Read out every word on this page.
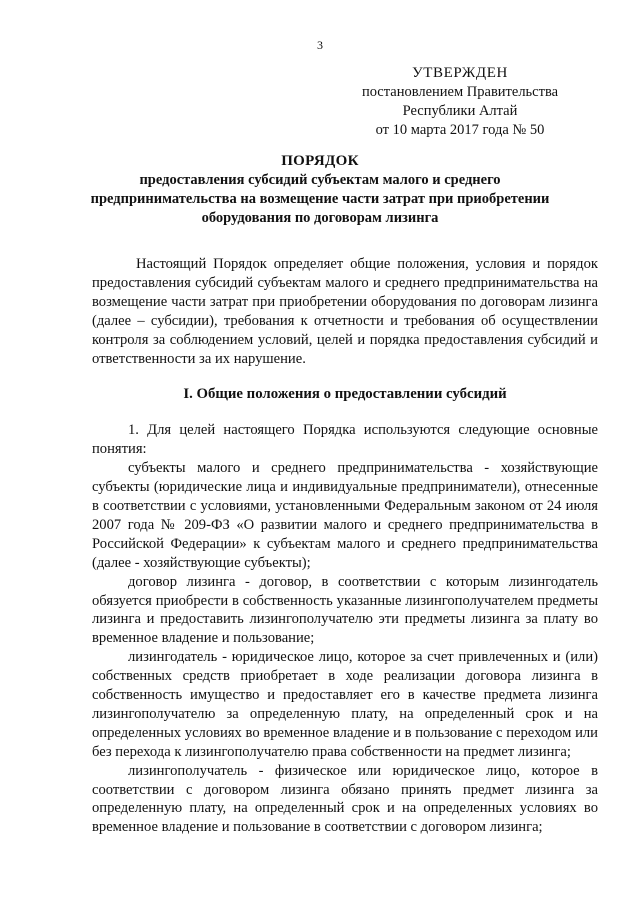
3
УТВЕРЖДЕН
постановлением Правительства
Республики Алтай
от 10 марта 2017 года № 50
ПОРЯДОК
предоставления субсидий субъектам малого и среднего
предпринимательства на возмещение части затрат при приобретении
оборудования по договорам лизинга

Настоящий Порядок определяет общие положения, условия и порядок предоставления субсидий субъектам малого и среднего предпринимательства на возмещение части затрат при приобретении оборудования по договорам лизинга (далее – субсидии), требования к отчетности и требования об осуществлении контроля за соблюдением условий, целей и порядка предоставления субсидий и ответственности за их нарушение.

I. Общие положения о предоставлении субсидий

1. Для целей настоящего Порядка используются следующие основные понятия:

субъекты малого и среднего предпринимательства - хозяйствующие субъекты (юридические лица и индивидуальные предприниматели), отнесенные в соответствии с условиями, установленными Федеральным законом от 24 июля 2007 года № 209-ФЗ «О развитии малого и среднего предпринимательства в Российской Федерации» к субъектам малого и среднего предпринимательства (далее - хозяйствующие субъекты);

договор лизинга - договор, в соответствии с которым лизингодатель обязуется приобрести в собственность указанные лизингополучателем предметы лизинга и предоставить лизингополучателю эти предметы лизинга за плату во временное владение и пользование;

лизингодатель - юридическое лицо, которое за счет привлеченных и (или) собственных средств приобретает в ходе реализации договора лизинга в собственность имущество и предоставляет его в качестве предмета лизинга лизингополучателю за определенную плату, на определенный срок и на определенных условиях во временное владение и в пользование с переходом или без перехода к лизингополучателю права собственности на предмет лизинга;

лизингополучатель - физическое или юридическое лицо, которое в соответствии с договором лизинга обязано принять предмет лизинга за определенную плату, на определенный срок и на определенных условиях во временное владение и пользование в соответствии с договором лизинга;
